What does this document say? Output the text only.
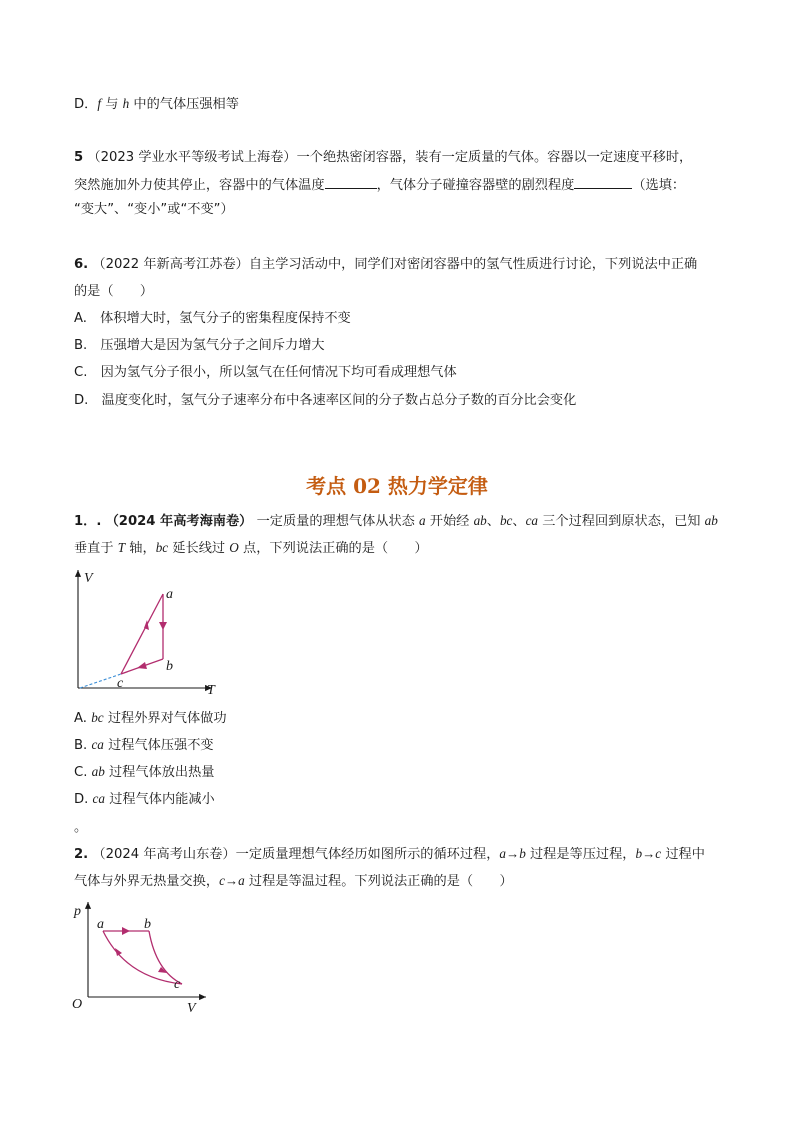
D．f 与 h 中的气体压强相等
5 （2023 学业水平等级考试上海卷）一个绝热密闭容器，装有一定质量的气体。容器以一定速度平移时，
突然施加外力使其停止，容器中的气体温度	，气体分子碰撞容器壁的剧烈程度	（选填：
“变大”、“变小”或“不变”）
6. （2022 年新高考江苏卷）自主学习活动中，同学们对密闭容器中的氢气性质进行讨论，下列说法中正确
的是（　　）
A.　体积增大时，氢气分子的密集程度保持不变
B.　压强增大是因为氢气分子之间斥力增大
C.　因为氢气分子很小，所以氢气在任何情况下均可看成理想气体
D.　温度变化时，氢气分子速率分布中各速率区间的分子数占总分子数的百分比会变化
考点 02 热力学定律
1．. （2024 年高考海南卷） 一定质量的理想气体从状态 a 开始经 ab、bc、ca 三个过程回到原状态，已知 ab
垂直于 T 轴，bc 延长线过 O 点，下列说法正确的是（　　）
V
T
a
b
c
A. bc 过程外界对气体做功
B. ca 过程气体压强不变
C. ab 过程气体放出热量
D. ca 过程气体内能减小
。
2. （2024 年高考山东卷）一定质量理想气体经历如图所示的循环过程，a→b 过程是等压过程，b→c 过程中
气体与外界无热量交换，c→a 过程是等温过程。下列说法正确的是（　　）
p
V
O
a	b
c
